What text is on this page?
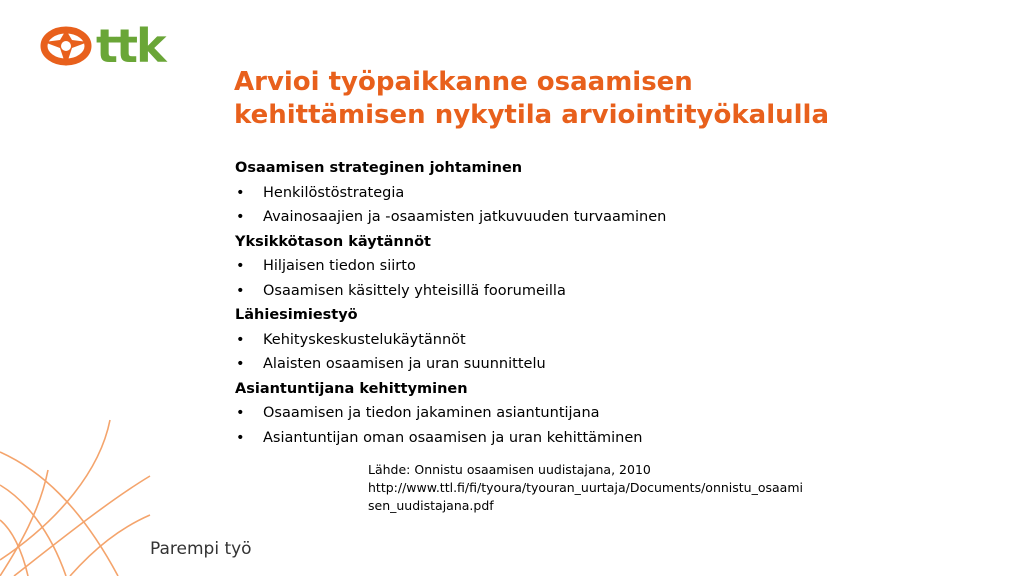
ttk
Arvioi työpaikkanne osaamisen
kehittämisen nykytila arviointityökalulla
Osaamisen strateginen johtaminen
• Henkilöstöstrategia
• Avainosaajien ja -osaamisten jatkuvuuden turvaaminen
Yksikkötason käytännöt
• Hiljaisen tiedon siirto
• Osaamisen käsittely yhteisillä foorumeilla
Lähiesimiestyö
• Kehityskeskustelukäytännöt
• Alaisten osaamisen ja uran suunnittelu
Asiantuntijana kehittyminen
• Osaamisen ja tiedon jakaminen asiantuntijana
• Asiantuntijan oman osaamisen ja uran kehittäminen
Lähde: Onnistu osaamisen uudistajana, 2010
http://www.ttl.fi/fi/tyoura/tyouran_uurtaja/Documents/onnistu_osaami
sen_uudistajana.pdf
Parempi työ
